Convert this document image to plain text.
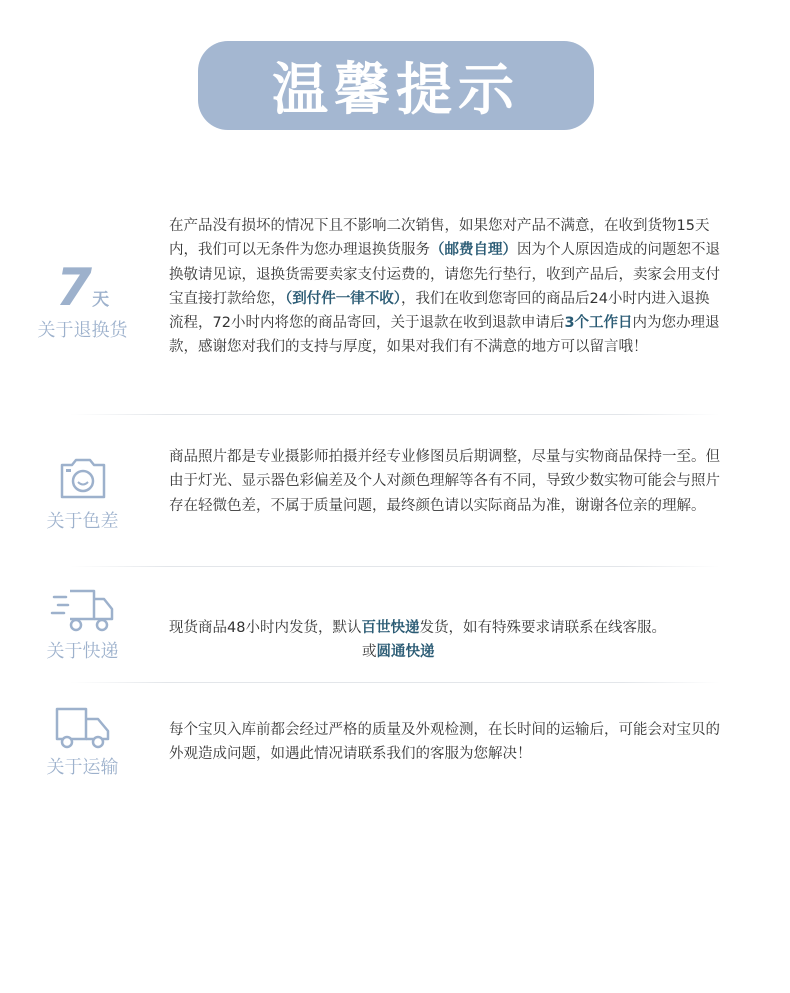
温馨提示
7天
关于退换货
在产品没有损坏的情况下且不影响二次销售，如果您对产品不满意，在收到货物15天内，我们可以无条件为您办理退换货服务（邮费自理）因为个人原因造成的问题恕不退换敬请见谅，退换货需要卖家支付运费的，请您先行垫行，收到产品后，卖家会用支付宝直接打款给您，（到付件一律不收），我们在收到您寄回的商品后24小时内进入退换流程，72小时内将您的商品寄回，关于退款在收到退款申请后3个工作日内为您办理退款，感谢您对我们的支持与厚度，如果对我们有不满意的地方可以留言哦！
关于色差
商品照片都是专业摄影师拍摄并经专业修图员后期调整，尽量与实物商品保持一至。但由于灯光、显示器色彩偏差及个人对颜色理解等各有不同，导致少数实物可能会与照片存在轻微色差，不属于质量问题，最终颜色请以实际商品为准，谢谢各位亲的理解。
关于快递
现货商品48小时内发货，默认百世快递发货，如有特殊要求请联系在线客服。
或圆通快递
关于运输
每个宝贝入库前都会经过严格的质量及外观检测，在长时间的运输后，可能会对宝贝的外观造成问题，如遇此情况请联系我们的客服为您解决！
